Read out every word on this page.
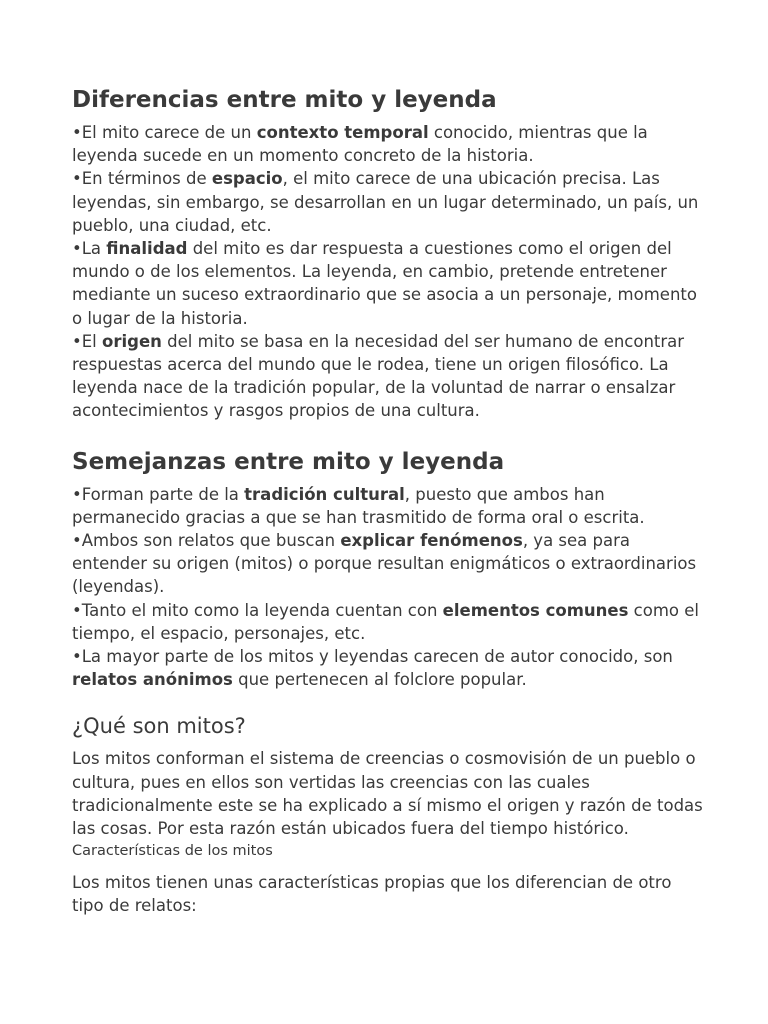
Diferencias entre mito y leyenda

•El mito carece de un contexto temporal conocido, mientras que la leyenda sucede en un momento concreto de la historia.

•En términos de espacio, el mito carece de una ubicación precisa. Las leyendas, sin embargo, se desarrollan en un lugar determinado, un país, un pueblo, una ciudad, etc.

•La finalidad del mito es dar respuesta a cuestiones como el origen del mundo o de los elementos. La leyenda, en cambio, pretende entretener mediante un suceso extraordinario que se asocia a un personaje, momento o lugar de la historia.

•El origen del mito se basa en la necesidad del ser humano de encontrar respuestas acerca del mundo que le rodea, tiene un origen filosófico. La leyenda nace de la tradición popular, de la voluntad de narrar o ensalzar acontecimientos y rasgos propios de una cultura.

Semejanzas entre mito y leyenda

•Forman parte de la tradición cultural, puesto que ambos han permanecido gracias a que se han trasmitido de forma oral o escrita.

•Ambos son relatos que buscan explicar fenómenos, ya sea para entender su origen (mitos) o porque resultan enigmáticos o extraordinarios (leyendas).

•Tanto el mito como la leyenda cuentan con elementos comunes como el tiempo, el espacio, personajes, etc.

•La mayor parte de los mitos y leyendas carecen de autor conocido, son relatos anónimos que pertenecen al folclore popular.

¿Qué son mitos?

Los mitos conforman el sistema de creencias o cosmovisión de un pueblo o cultura, pues en ellos son vertidas las creencias con las cuales tradicionalmente este se ha explicado a sí mismo el origen y razón de todas las cosas. Por esta razón están ubicados fuera del tiempo histórico.

Características de los mitos

Los mitos tienen unas características propias que los diferencian de otro tipo de relatos:
